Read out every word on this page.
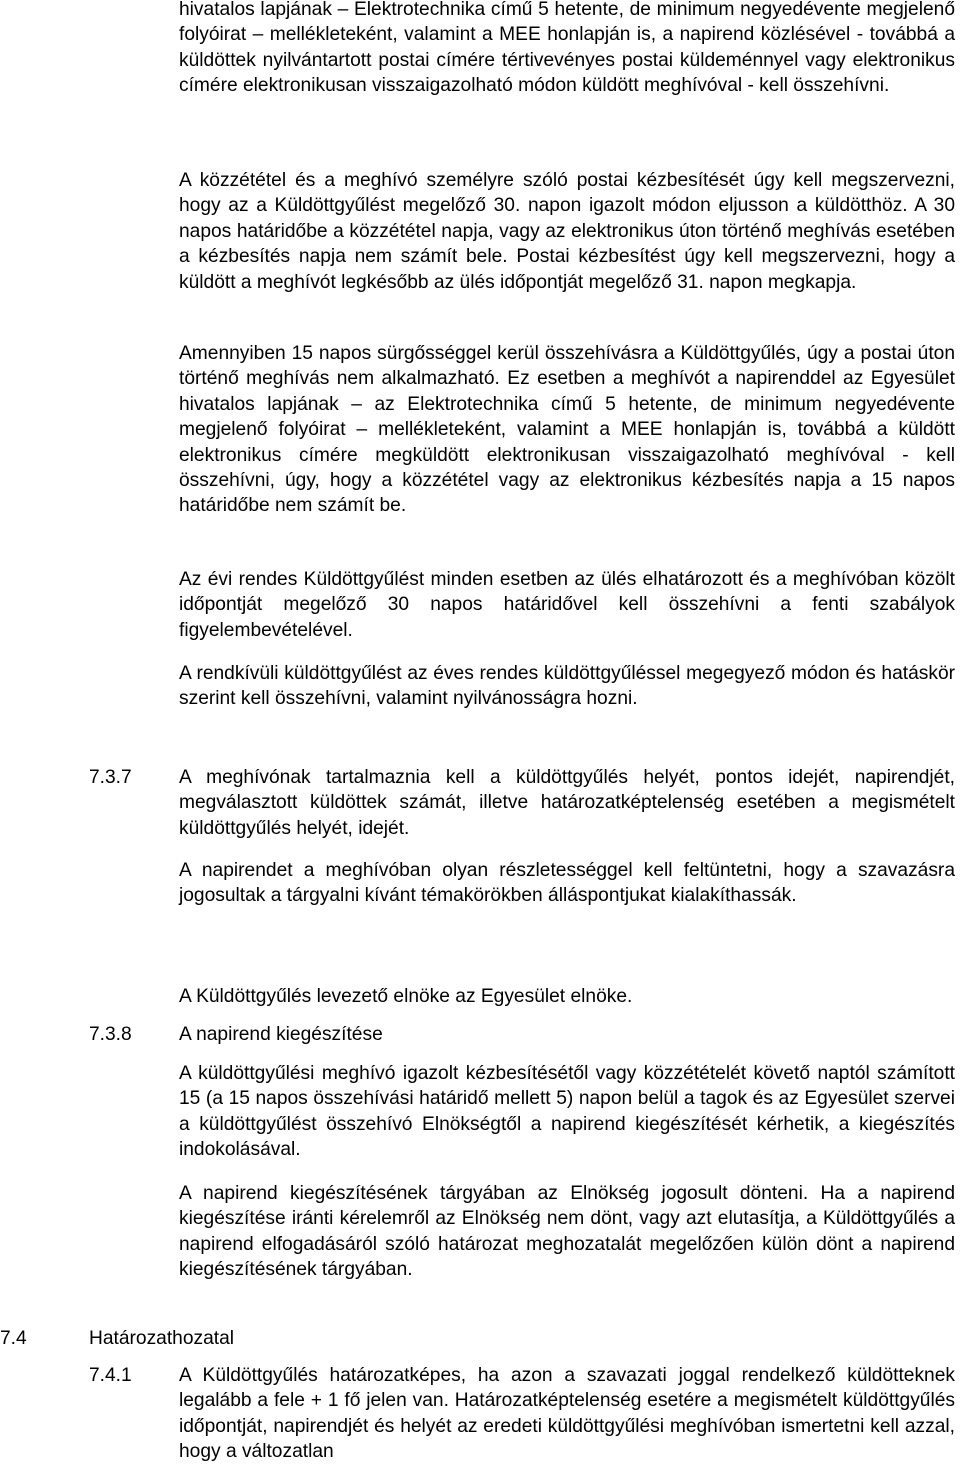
hivatalos lapjának – Elektrotechnika című 5 hetente, de minimum negyedévente megjelenő folyóirat – mellékleteként, valamint a MEE honlapján is, a napirend közlésével - továbbá a küldöttek nyilvántartott postai címére tértivevényes postai küldeménnyel vagy elektronikus címére elektronikusan visszaigazolható módon küldött meghívóval - kell összehívni.

A közzététel és a meghívó személyre szóló postai kézbesítését úgy kell megszervezni, hogy az a Küldöttgyűlést megelőző 30. napon igazolt módon eljusson a küldötthöz. A 30 napos határidőbe a közzététel napja, vagy az elektronikus úton történő meghívás esetében a kézbesítés napja nem számít bele. Postai kézbesítést úgy kell megszervezni, hogy a küldött a meghívót legkésőbb az ülés időpontját megelőző 31. napon megkapja.

Amennyiben 15 napos sürgősséggel kerül összehívásra a Küldöttgyűlés, úgy a postai úton történő meghívás nem alkalmazható. Ez esetben a meghívót a napirenddel az Egyesület hivatalos lapjának – az Elektrotechnika című 5 hetente, de minimum negyedévente megjelenő folyóirat – mellékleteként, valamint a MEE honlapján is, továbbá a küldött elektronikus címére megküldött elektronikusan visszaigazolható meghívóval - kell összehívni, úgy, hogy a közzététel vagy az elektronikus kézbesítés napja a 15 napos határidőbe nem számít be.

Az évi rendes Küldöttgyűlést minden esetben az ülés elhatározott és a meghívóban közölt időpontját megelőző 30 napos határidővel kell összehívni a fenti szabályok figyelembevételével.

A rendkívüli küldöttgyűlést az éves rendes küldöttgyűléssel megegyező módon és hatáskör szerint kell összehívni, valamint nyilvánosságra hozni.

7.3.7 A meghívónak tartalmaznia kell a küldöttgyűlés helyét, pontos idejét, napirendjét, megválasztott küldöttek számát, illetve határozatképtelenség esetében a megismételt küldöttgyűlés helyét, idejét.

A napirendet a meghívóban olyan részletességgel kell feltüntetni, hogy a szavazásra jogosultak a tárgyalni kívánt témakörökben álláspontjukat kialakíthassák.

A Küldöttgyűlés levezető elnöke az Egyesület elnöke.

7.3.8 A napirend kiegészítése

A küldöttgyűlési meghívó igazolt kézbesítésétől vagy közzétételét követő naptól számított 15 (a 15 napos összehívási határidő mellett 5) napon belül a tagok és az Egyesület szervei a küldöttgyűlést összehívó Elnökségtől a napirend kiegészítését kérhetik, a kiegészítés indokolásával.

A napirend kiegészítésének tárgyában az Elnökség jogosult dönteni. Ha a napirend kiegészítése iránti kérelemről az Elnökség nem dönt, vagy azt elutasítja, a Küldöttgyűlés a napirend elfogadásáról szóló határozat meghozatalát megelőzően külön dönt a napirend kiegészítésének tárgyában.

7.4	Határozathozatal
7.4.1 A Küldöttgyűlés határozatképes, ha azon a szavazati joggal rendelkező küldötteknek legalább a fele + 1 fő jelen van. Határozatképtelenség esetére a megismételt küldöttgyűlés időpontját, napirendjét és helyét az eredeti küldöttgyűlési meghívóban ismertetni kell azzal, hogy a változatlan
